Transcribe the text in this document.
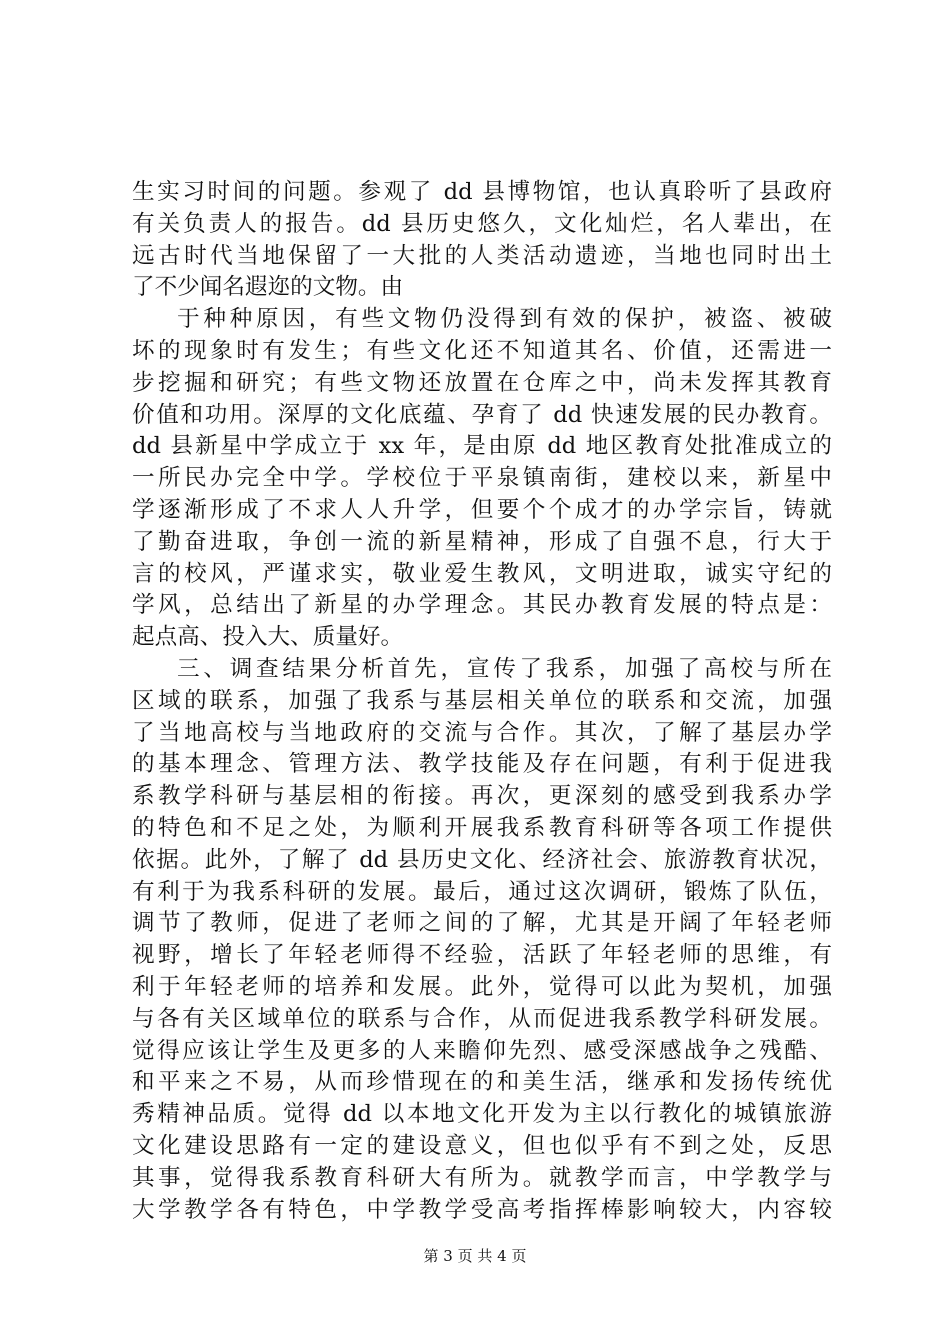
生实习时间的问题。参观了 dd 县博物馆，也认真聆听了县政府
有关负责人的报告。dd 县历史悠久，文化灿烂，名人辈出，在
远古时代当地保留了一大批的人类活动遗迹，当地也同时出土
了不少闻名遐迩的文物。由
于种种原因，有些文物仍没得到有效的保护，被盗、被破
坏的现象时有发生；有些文化还不知道其名、价值，还需进一
步挖掘和研究；有些文物还放置在仓库之中，尚未发挥其教育
价值和功用。深厚的文化底蕴、孕育了 dd 快速发展的民办教育。
dd 县新星中学成立于 xx 年，是由原 dd 地区教育处批准成立的
一所民办完全中学。学校位于平泉镇南街，建校以来，新星中
学逐渐形成了不求人人升学，但要个个成才的办学宗旨，铸就
了勤奋进取，争创一流的新星精神，形成了自强不息，行大于
言的校风，严谨求实，敬业爱生教风，文明进取，诚实守纪的
学风，总结出了新星的办学理念。其民办教育发展的特点是：
起点高、投入大、质量好。
三、调查结果分析首先，宣传了我系，加强了高校与所在
区域的联系，加强了我系与基层相关单位的联系和交流，加强
了当地高校与当地政府的交流与合作。其次，了解了基层办学
的基本理念、管理方法、教学技能及存在问题，有利于促进我
系教学科研与基层相的衔接。再次，更深刻的感受到我系办学
的特色和不足之处，为顺利开展我系教育科研等各项工作提供
依据。此外，了解了 dd 县历史文化、经济社会、旅游教育状况，
有利于为我系科研的发展。最后，通过这次调研，锻炼了队伍，
调节了教师，促进了老师之间的了解，尤其是开阔了年轻老师
视野，增长了年轻老师得不经验，活跃了年轻老师的思维，有
利于年轻老师的培养和发展。此外，觉得可以此为契机，加强
与各有关区域单位的联系与合作，从而促进我系教学科研发展。
觉得应该让学生及更多的人来瞻仰先烈、感受深感战争之残酷、
和平来之不易，从而珍惜现在的和美生活，继承和发扬传统优
秀精神品质。觉得 dd 以本地文化开发为主以行教化的城镇旅游
文化建设思路有一定的建设意义，但也似乎有不到之处，反思
其事，觉得我系教育科研大有所为。就教学而言，中学教学与
大学教学各有特色，中学教学受高考指挥棒影响较大，内容较
第 3 页 共 4 页
